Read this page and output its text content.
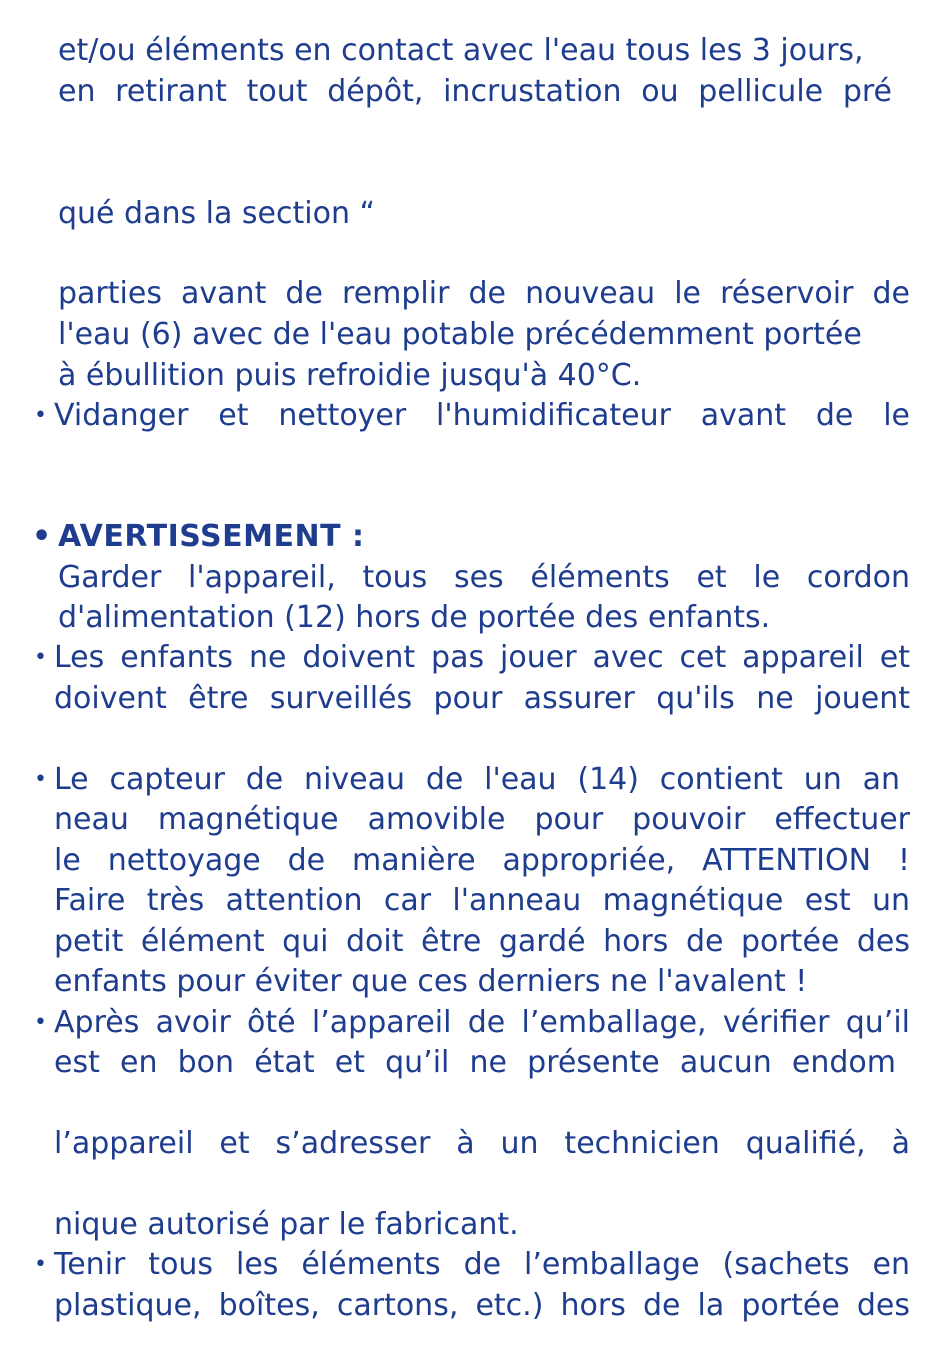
et/ou éléments en contact avec l'eau tous les 3 jours,
en retirant tout dépôt, incrustation ou pellicule pré
qué dans la section “
parties avant de remplir de nouveau le réservoir de
l'eau (6) avec de l'eau potable précédemment portée
à ébullition puis refroidie jusqu'à 40°C.
• Vidanger et nettoyer l'humidificateur avant de le
• AVERTISSEMENT :
Garder l'appareil, tous ses éléments et le cordon
d'alimentation (12) hors de portée des enfants.
• Les enfants ne doivent pas jouer avec cet appareil et
doivent être surveillés pour assurer qu'ils ne jouent
• Le capteur de niveau de l'eau (14) contient un an
neau magnétique amovible pour pouvoir effectuer
le nettoyage de manière appropriée, ATTENTION !
Faire très attention car l'anneau magnétique est un
petit élément qui doit être gardé hors de portée des
enfants pour éviter que ces derniers ne l'avalent !
• Après avoir ôté l’appareil de l’emballage, vérifier qu’il
est en bon état et qu’il ne présente aucun endom
l’appareil et s’adresser à un technicien qualifié, à
nique autorisé par le fabricant.
• Tenir tous les éléments de l’emballage (sachets en
plastique, boîtes, cartons, etc.) hors de la portée des
